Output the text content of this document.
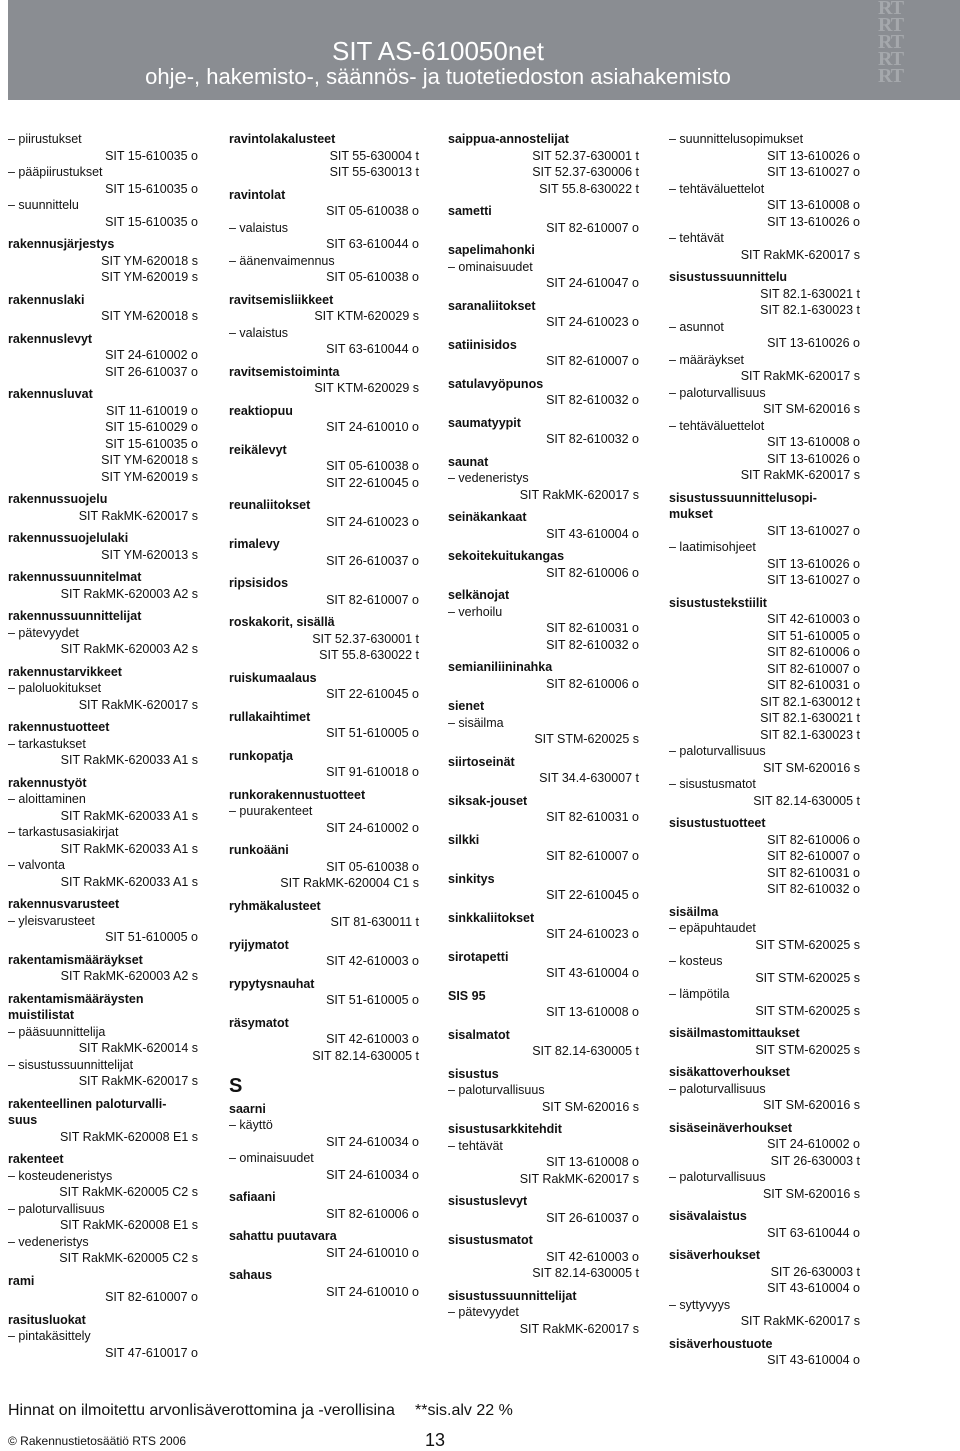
SIT AS-610050net
ohje-, hakemisto-, säännös- ja tuotetiedoston asiahakemisto
RT
RT
RT
RT
RT
– piirustukset
SIT 15-610035 o
– pääpiirustukset
SIT 15-610035 o
– suunnittelu
SIT 15-610035 o
rakennusjärjestys
SIT YM-620018 s
SIT YM-620019 s
rakennuslaki
SIT YM-620018 s
rakennuslevyt
SIT 24-610002 o
SIT 26-610037 o
rakennusluvat
SIT 11-610019 o
SIT 15-610029 o
SIT 15-610035 o
SIT YM-620018 s
SIT YM-620019 s
rakennussuojelu
SIT RakMK-620017 s
rakennussuojelulaki
SIT YM-620013 s
rakennussuunnitelmat
SIT RakMK-620003 A2 s
rakennussuunnittelijat
– pätevyydet
SIT RakMK-620003 A2 s
rakennustarvikkeet
– paloluokitukset
SIT RakMK-620017 s
rakennustuotteet
– tarkastukset
SIT RakMK-620033 A1 s
rakennustyöt
– aloittaminen
SIT RakMK-620033 A1 s
– tarkastusasiakirjat
SIT RakMK-620033 A1 s
– valvonta
SIT RakMK-620033 A1 s
rakennusvarusteet
– yleisvarusteet
SIT 51-610005 o
rakentamismääräykset
SIT RakMK-620003 A2 s
rakentamismääräysten
muistilistat
– pääsuunnittelija
SIT RakMK-620014 s
– sisustussuunnittelijat
SIT RakMK-620017 s
rakenteellinen paloturvalli-
suus
SIT RakMK-620008 E1 s
rakenteet
– kosteudeneristys
SIT RakMK-620005 C2 s
– paloturvallisuus
SIT RakMK-620008 E1 s
– vedeneristys
SIT RakMK-620005 C2 s
rami
SIT 82-610007 o
rasitusluokat
– pintakäsittely
SIT 47-610017 o
ravintolakalusteet
SIT 55-630004 t
SIT 55-630013 t
ravintolat
SIT 05-610038 o
– valaistus
SIT 63-610044 o
– äänenvaimennus
SIT 05-610038 o
ravitsemisliikkeet
SIT KTM-620029 s
– valaistus
SIT 63-610044 o
ravitsemistoiminta
SIT KTM-620029 s
reaktiopuu
SIT 24-610010 o
reikälevyt
SIT 05-610038 o
SIT 22-610045 o
reunaliitokset
SIT 24-610023 o
rimalevy
SIT 26-610037 o
ripsisidos
SIT 82-610007 o
roskakorit, sisällä
SIT 52.37-630001 t
SIT 55.8-630022 t
ruiskumaalaus
SIT 22-610045 o
rullakaihtimet
SIT 51-610005 o
runkopatja
SIT 91-610018 o
runkorakennustuotteet
– puurakenteet
SIT 24-610002 o
runkoääni
SIT 05-610038 o
SIT RakMK-620004 C1 s
ryhmäkalusteet
SIT 81-630011 t
ryijymatot
SIT 42-610003 o
rypytysnauhat
SIT 51-610005 o
räsymatot
SIT 42-610003 o
SIT 82.14-630005 t
S
saarni
– käyttö
SIT 24-610034 o
– ominaisuudet
SIT 24-610034 o
safiaani
SIT 82-610006 o
sahattu puutavara
SIT 24-610010 o
sahaus
SIT 24-610010 o
saippua-annostelijat
SIT 52.37-630001 t
SIT 52.37-630006 t
SIT 55.8-630022 t
sametti
SIT 82-610007 o
sapelimahonki
– ominaisuudet
SIT 24-610047 o
saranaliitokset
SIT 24-610023 o
satiinisidos
SIT 82-610007 o
satulavyöpunos
SIT 82-610032 o
saumatyypit
SIT 82-610032 o
saunat
– vedeneristys
SIT RakMK-620017 s
seinäkankaat
SIT 43-610004 o
sekoitekuitukangas
SIT 82-610006 o
selkänojat
– verhoilu
SIT 82-610031 o
SIT 82-610032 o
semianiliininahka
SIT 82-610006 o
sienet
– sisäilma
SIT STM-620025 s
siirtoseinät
SIT 34.4-630007 t
siksak-jouset
SIT 82-610031 o
silkki
SIT 82-610007 o
sinkitys
SIT 22-610045 o
sinkkaliitokset
SIT 24-610023 o
sirotapetti
SIT 43-610004 o
SIS 95
SIT 13-610008 o
sisalmatot
SIT 82.14-630005 t
sisustus
– paloturvallisuus
SIT SM-620016 s
sisustusarkkitehdit
– tehtävät
SIT 13-610008 o
SIT RakMK-620017 s
sisustuslevyt
SIT 26-610037 o
sisustusmatot
SIT 42-610003 o
SIT 82.14-630005 t
sisustussuunnittelijat
– pätevyydet
SIT RakMK-620017 s
– suunnittelusopimukset
SIT 13-610026 o
SIT 13-610027 o
– tehtäväluettelot
SIT 13-610008 o
SIT 13-610026 o
– tehtävät
SIT RakMK-620017 s
sisustussuunnittelu
SIT 82.1-630021 t
SIT 82.1-630023 t
– asunnot
SIT 13-610026 o
– määräykset
SIT RakMK-620017 s
– paloturvallisuus
SIT SM-620016 s
– tehtäväluettelot
SIT 13-610008 o
SIT 13-610026 o
SIT RakMK-620017 s
sisustussuunnittelusopi-
mukset
SIT 13-610027 o
– laatimisohjeet
SIT 13-610026 o
SIT 13-610027 o
sisustustekstiilit
SIT 42-610003 o
SIT 51-610005 o
SIT 82-610006 o
SIT 82-610007 o
SIT 82-610031 o
SIT 82.1-630012 t
SIT 82.1-630021 t
SIT 82.1-630023 t
– paloturvallisuus
SIT SM-620016 s
– sisustusmatot
SIT 82.14-630005 t
sisustustuotteet
SIT 82-610006 o
SIT 82-610007 o
SIT 82-610031 o
SIT 82-610032 o
sisäilma
– epäpuhtaudet
SIT STM-620025 s
– kosteus
SIT STM-620025 s
– lämpötila
SIT STM-620025 s
sisäilmastomittaukset
SIT STM-620025 s
sisäkattoverhoukset
– paloturvallisuus
SIT SM-620016 s
sisäseinäverhoukset
SIT 24-610002 o
SIT 26-630003 t
– paloturvallisuus
SIT SM-620016 s
sisävalaistus
SIT 63-610044 o
sisäverhoukset
SIT 26-630003 t
SIT 43-610004 o
– syttyvyys
SIT RakMK-620017 s
sisäverhoustuote
SIT 43-610004 o
Hinnat on ilmoitettu arvonlisäverottomina ja -verollisina **sis.alv 22 %
© Rakennustietosäätiö RTS 2006	13
